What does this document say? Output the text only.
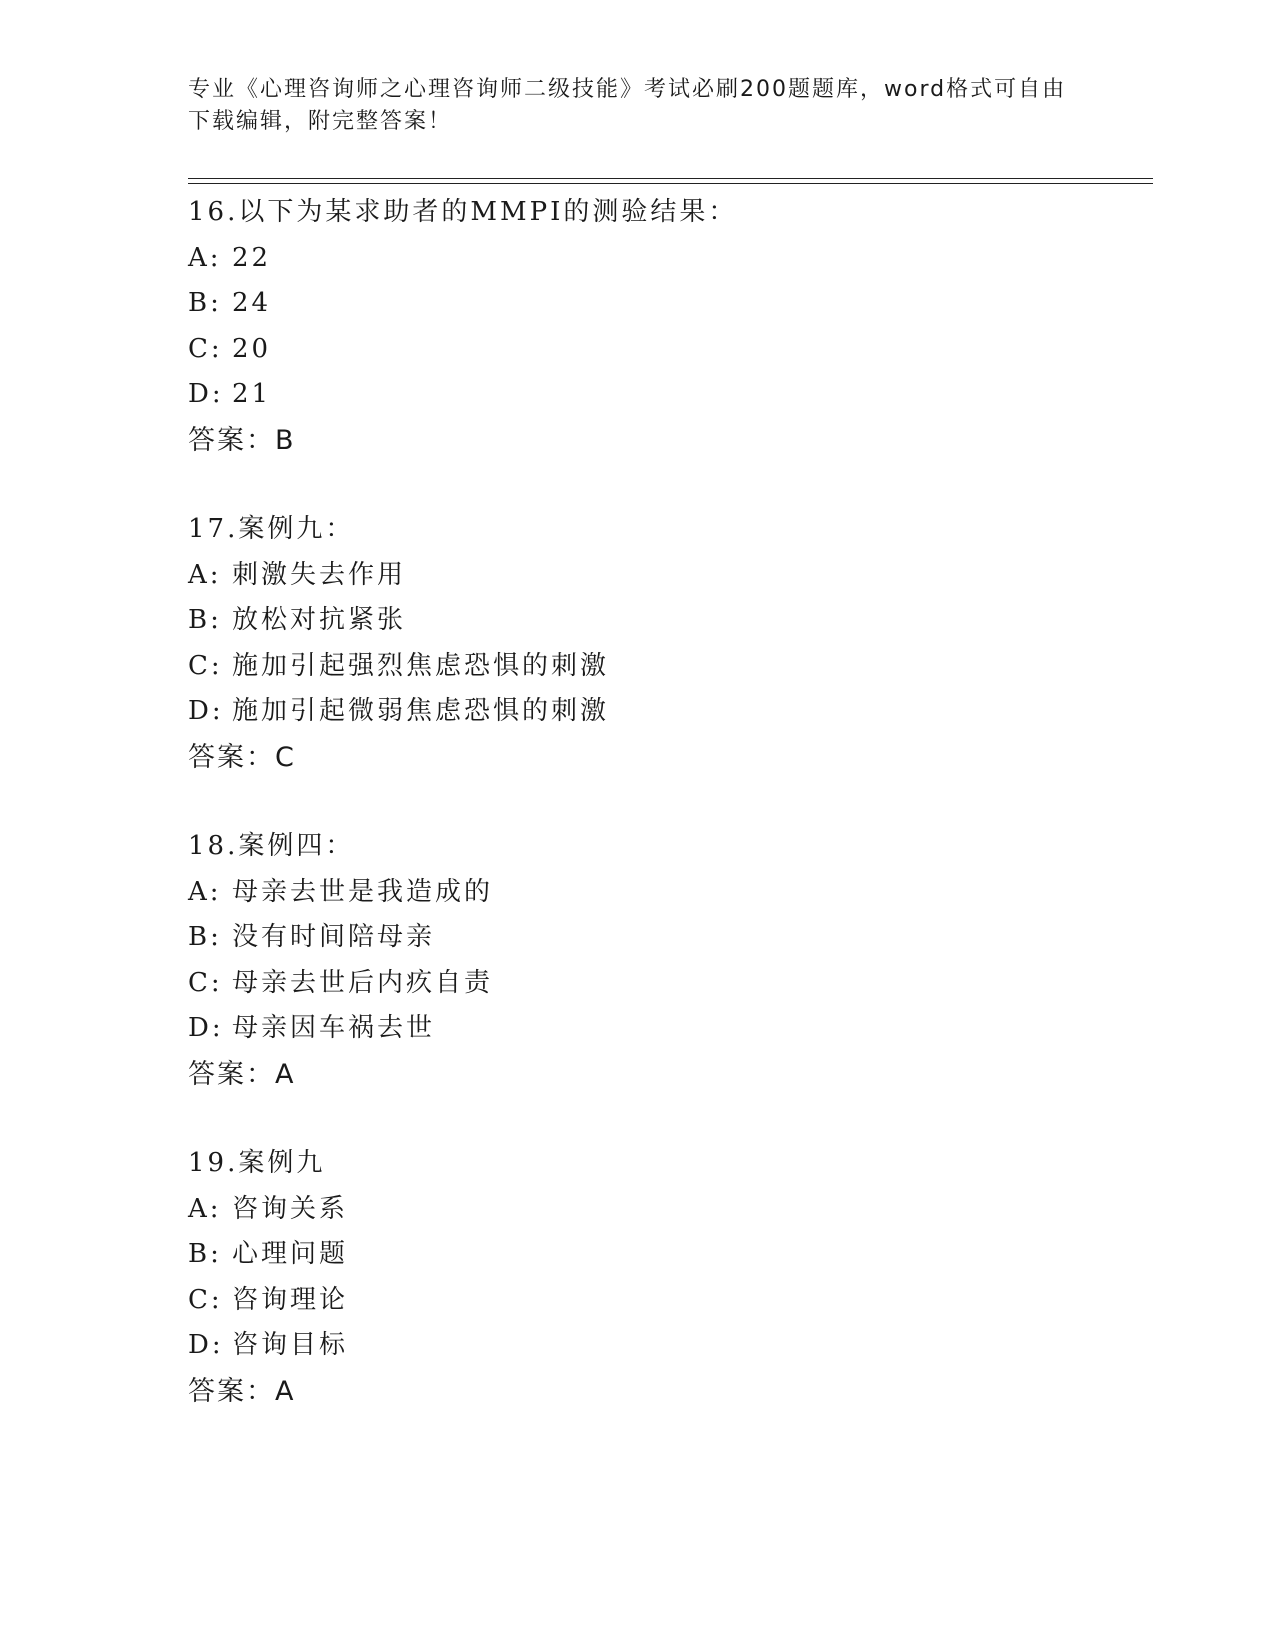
专业《心理咨询师之心理咨询师二级技能》考试必刷200题题库，word格式可自由下载编辑，附完整答案！
16.以下为某求助者的MMPI的测验结果：
A: 22
B: 24
C: 20
D: 21
答案：B
17.案例九：
A: 刺激失去作用
B: 放松对抗紧张
C: 施加引起强烈焦虑恐惧的刺激
D: 施加引起微弱焦虑恐惧的刺激
答案：C
18.案例四：
A: 母亲去世是我造成的
B: 没有时间陪母亲
C: 母亲去世后内疚自责
D: 母亲因车祸去世
答案：A
19.案例九
A: 咨询关系
B: 心理问题
C: 咨询理论
D: 咨询目标
答案：A
